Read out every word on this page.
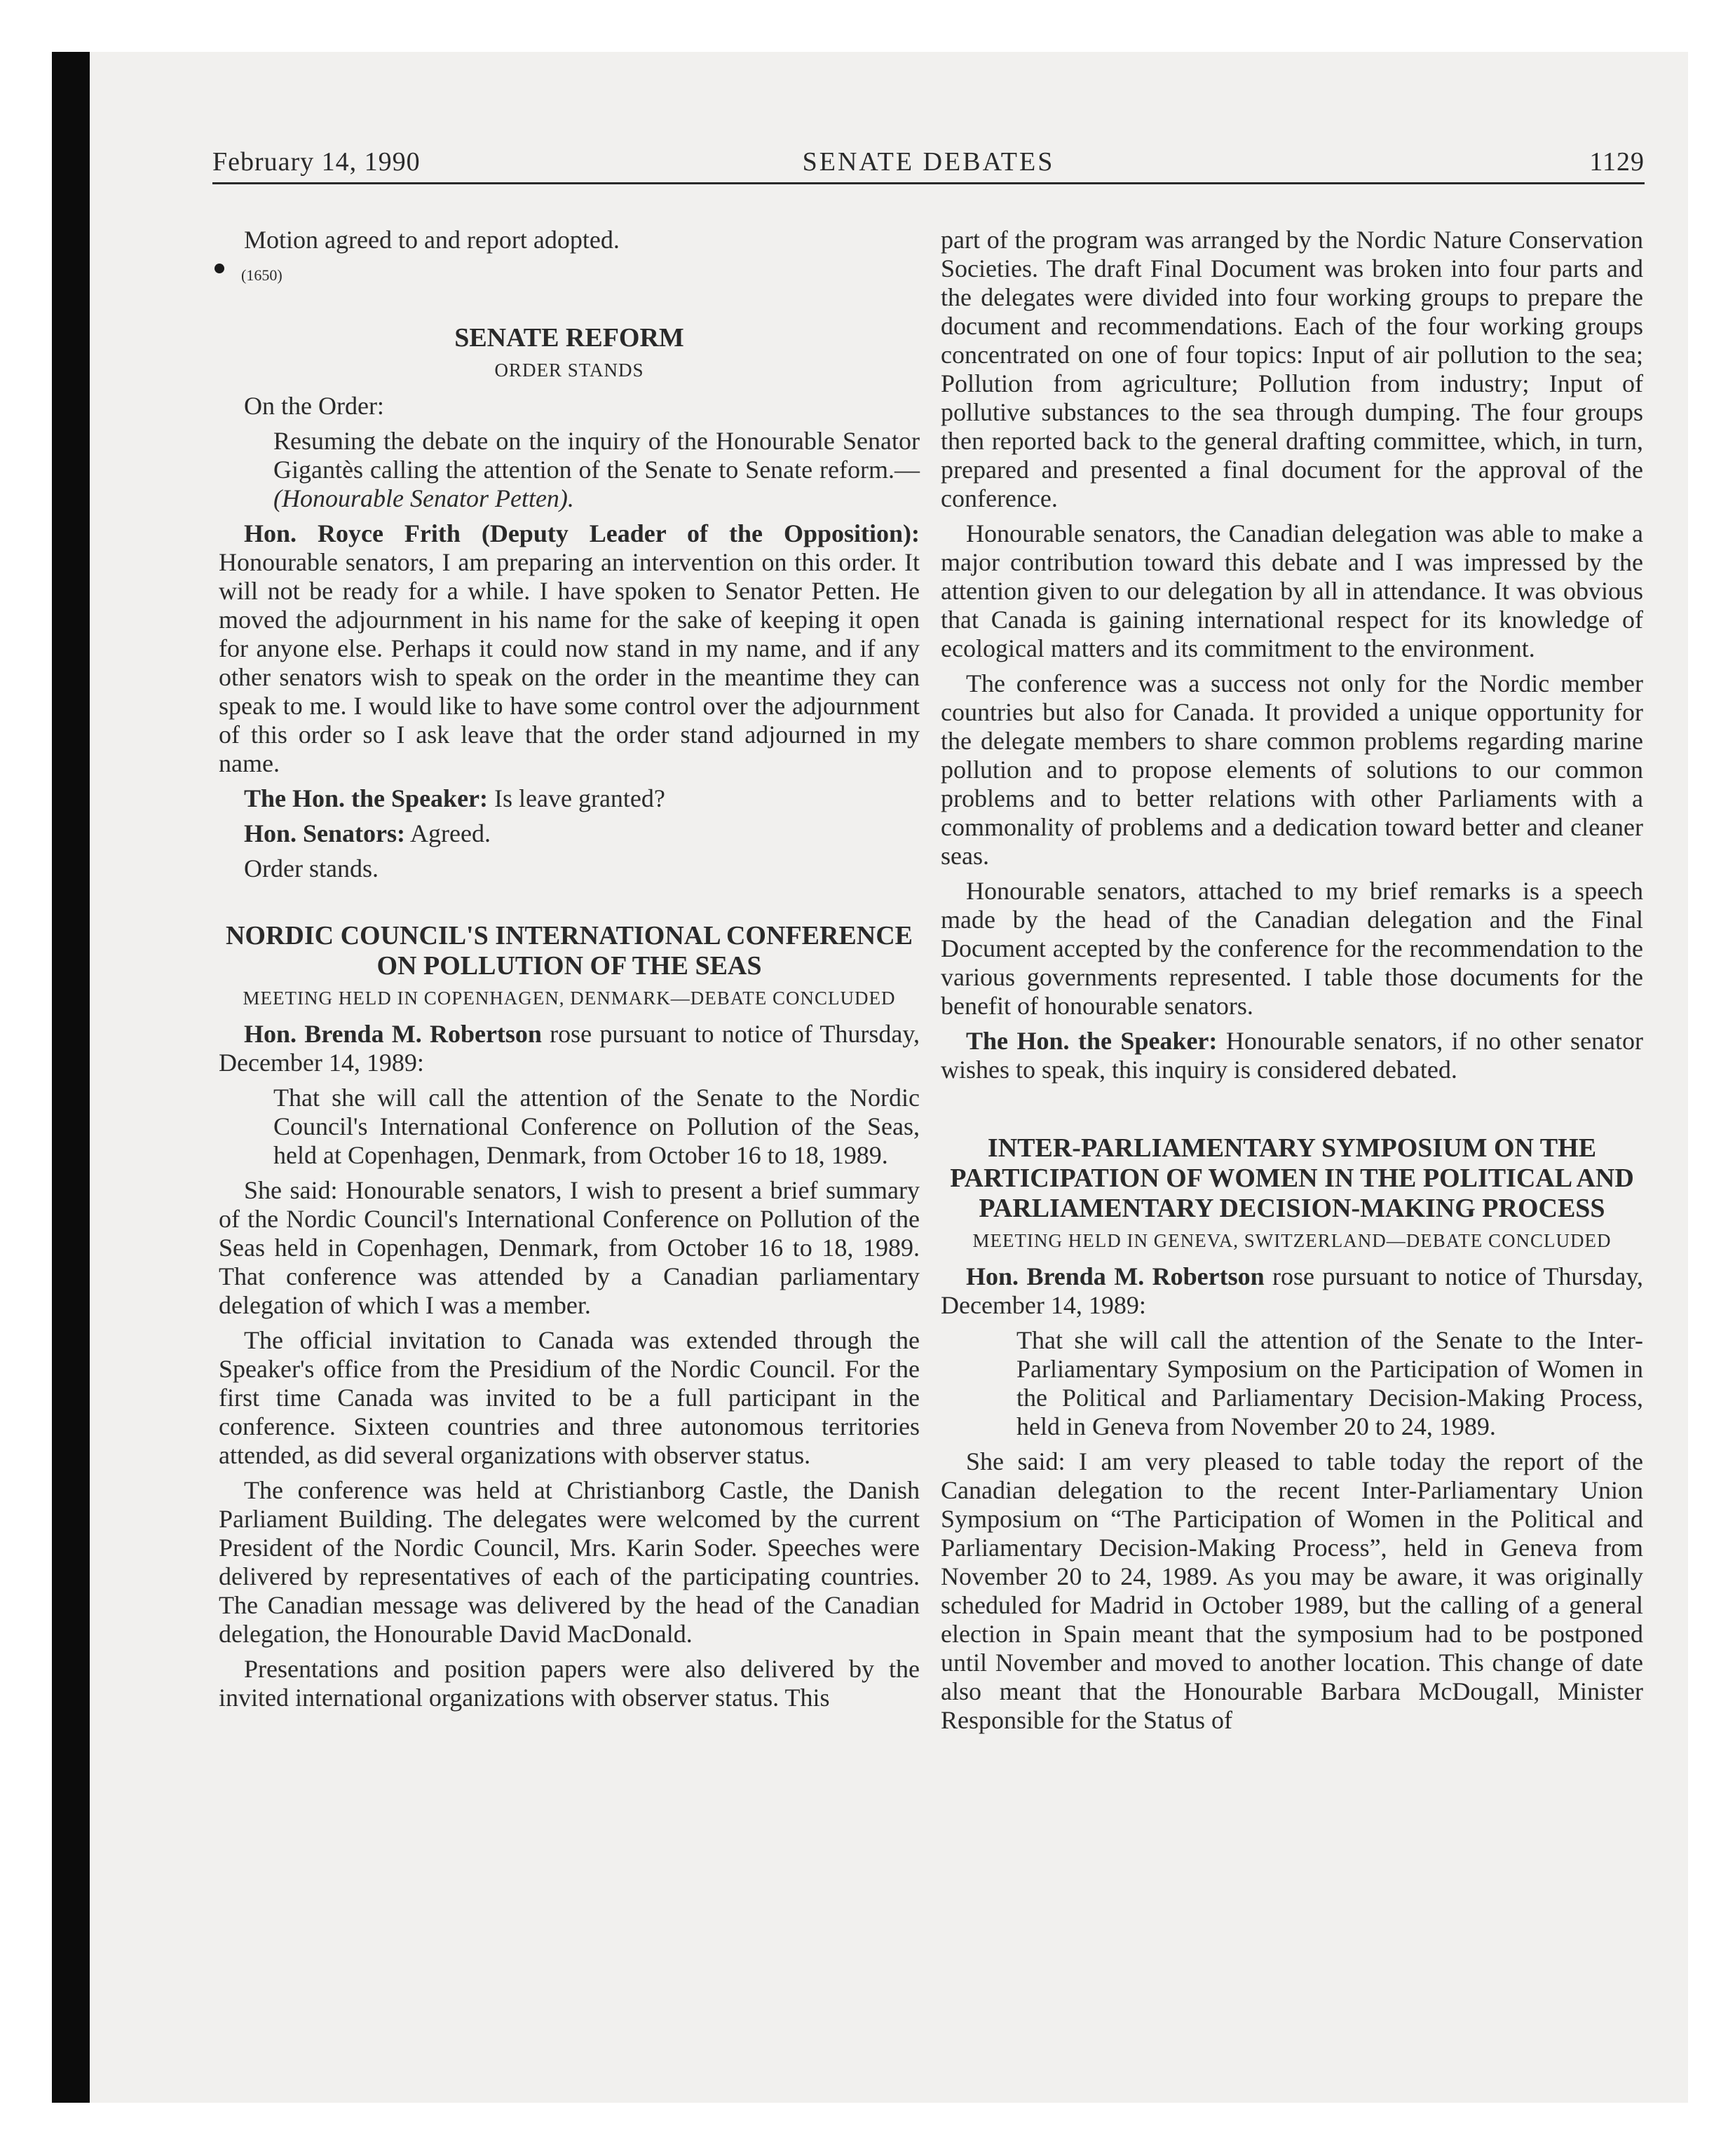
February 14, 1990	SENATE DEBATES	1129

Motion agreed to and report adopted.

(1650)
SENATE REFORM
ORDER STANDS

On the Order:

Resuming the debate on the inquiry of the Honourable Senator Gigantès calling the attention of the Senate to Senate reform.—(Honourable Senator Petten).

Hon. Royce Frith (Deputy Leader of the Opposition): Honourable senators, I am preparing an intervention on this order. It will not be ready for a while. I have spoken to Senator Petten. He moved the adjournment in his name for the sake of keeping it open for anyone else. Perhaps it could now stand in my name, and if any other senators wish to speak on the order in the meantime they can speak to me. I would like to have some control over the adjournment of this order so I ask leave that the order stand adjourned in my name.

The Hon. the Speaker: Is leave granted?

Hon. Senators: Agreed.

Order stands.

NORDIC COUNCIL'S INTERNATIONAL CONFERENCE ON POLLUTION OF THE SEAS
MEETING HELD IN COPENHAGEN, DENMARK—DEBATE CONCLUDED

Hon. Brenda M. Robertson rose pursuant to notice of Thursday, December 14, 1989:

That she will call the attention of the Senate to the Nordic Council's International Conference on Pollution of the Seas, held at Copenhagen, Denmark, from October 16 to 18, 1989.

She said: Honourable senators, I wish to present a brief summary of the Nordic Council's International Conference on Pollution of the Seas held in Copenhagen, Denmark, from October 16 to 18, 1989. That conference was attended by a Canadian parliamentary delegation of which I was a member.

The official invitation to Canada was extended through the Speaker's office from the Presidium of the Nordic Council. For the first time Canada was invited to be a full participant in the conference. Sixteen countries and three autonomous territories attended, as did several organizations with observer status.

The conference was held at Christianborg Castle, the Danish Parliament Building. The delegates were welcomed by the current President of the Nordic Council, Mrs. Karin Soder. Speeches were delivered by representatives of each of the participating countries. The Canadian message was delivered by the head of the Canadian delegation, the Honourable David MacDonald.

Presentations and position papers were also delivered by the invited international organizations with observer status. This

part of the program was arranged by the Nordic Nature Conservation Societies. The draft Final Document was broken into four parts and the delegates were divided into four working groups to prepare the document and recommendations. Each of the four working groups concentrated on one of four topics: Input of air pollution to the sea; Pollution from agriculture; Pollution from industry; Input of pollutive substances to the sea through dumping. The four groups then reported back to the general drafting committee, which, in turn, prepared and presented a final document for the approval of the conference.

Honourable senators, the Canadian delegation was able to make a major contribution toward this debate and I was impressed by the attention given to our delegation by all in attendance. It was obvious that Canada is gaining international respect for its knowledge of ecological matters and its commitment to the environment.

The conference was a success not only for the Nordic member countries but also for Canada. It provided a unique opportunity for the delegate members to share common problems regarding marine pollution and to propose elements of solutions to our common problems and to better relations with other Parliaments with a commonality of problems and a dedication toward better and cleaner seas.

Honourable senators, attached to my brief remarks is a speech made by the head of the Canadian delegation and the Final Document accepted by the conference for the recommendation to the various governments represented. I table those documents for the benefit of honourable senators.

The Hon. the Speaker: Honourable senators, if no other senator wishes to speak, this inquiry is considered debated.

INTER-PARLIAMENTARY SYMPOSIUM ON THE PARTICIPATION OF WOMEN IN THE POLITICAL AND PARLIAMENTARY DECISION-MAKING PROCESS
MEETING HELD IN GENEVA, SWITZERLAND—DEBATE CONCLUDED

Hon. Brenda M. Robertson rose pursuant to notice of Thursday, December 14, 1989:

That she will call the attention of the Senate to the Inter-Parliamentary Symposium on the Participation of Women in the Political and Parliamentary Decision-Making Process, held in Geneva from November 20 to 24, 1989.

She said: I am very pleased to table today the report of the Canadian delegation to the recent Inter-Parliamentary Union Symposium on “The Participation of Women in the Political and Parliamentary Decision-Making Process”, held in Geneva from November 20 to 24, 1989. As you may be aware, it was originally scheduled for Madrid in October 1989, but the calling of a general election in Spain meant that the symposium had to be postponed until November and moved to another location. This change of date also meant that the Honourable Barbara McDougall, Minister Responsible for the Status of
